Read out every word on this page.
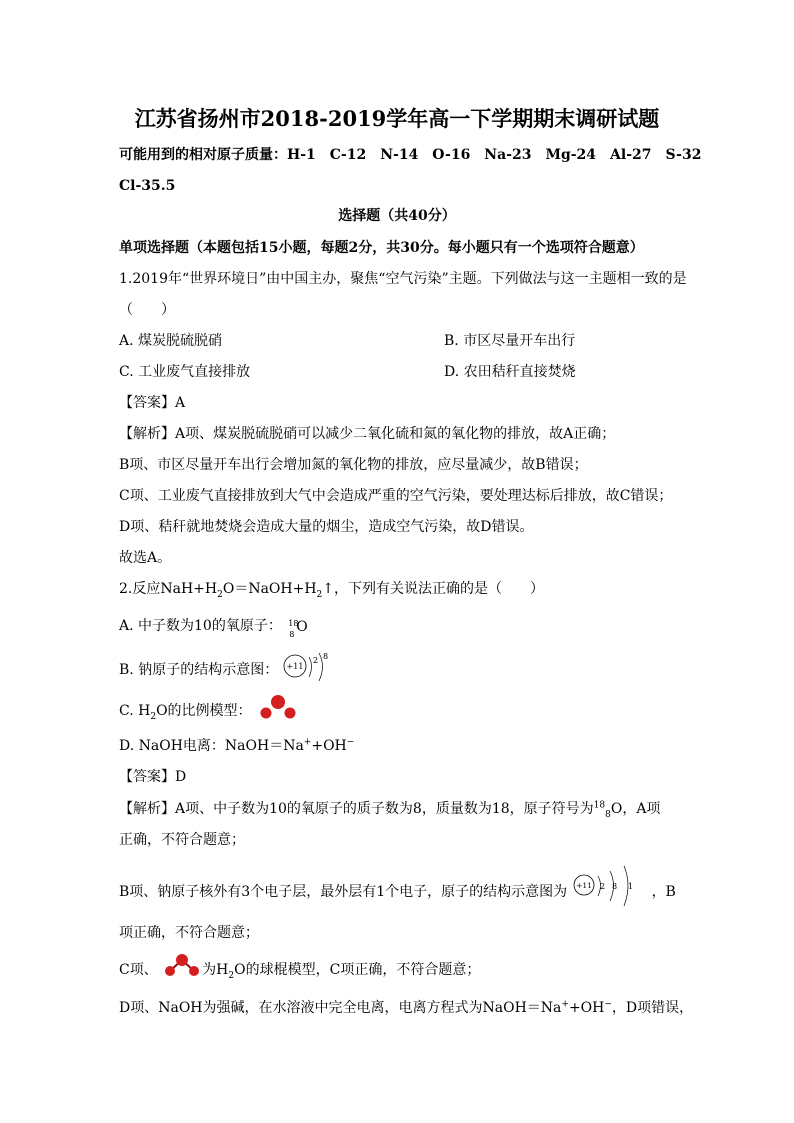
江苏省扬州市2018-2019学年高一下学期期末调研试题
可能用到的相对原子质量：H-1　C-12　N-14　O-16　Na-23　Mg-24　Al-27　S-32
Cl-35.5
选择题（共40分）
单项选择题（本题包括15小题，每题2分，共30分。每小题只有一个选项符合题意）
1.2019年“世界环境日”由中国主办，聚焦“空气污染”主题。下列做法与这一主题相一致的是
（　　）
A. 煤炭脱硫脱硝	B. 市区尽量开车出行
C. 工业废气直接排放	D. 农田秸秆直接焚烧
【答案】A
【解析】A项、煤炭脱硫脱硝可以减少二氧化硫和氮的氧化物的排放，故A正确；
B项、市区尽量开车出行会增加氮的氧化物的排放，应尽量减少，故B错误；
C项、工业废气直接排放到大气中会造成严重的空气污染，要处理达标后排放，故C错误；
D项、秸秆就地焚烧会造成大量的烟尘，造成空气污染，故D错误。
故选A。
2.反应$NaH+H_2O=NaOH+H_2↑$，下列有关说法正确的是（　　）
A. 中子数为10的氧原子： 18
8 O
B. 钠原子的结构示意图： +11
2 8
C. $H_2O$的比例模型：
D. NaOH电离：NaOH＝Na++OH−
【答案】D
【解析】A项、中子数为10的氧原子的质子数为8，质量数为18，原子符号为$^{18}_8$O，A项
正确，不符合题意；
B项、钠原子核外有3个电子层，最外层有1个电子，原子的结构示意图为 +11 2 8 1 ，B
项正确，不符合题意；
C项、	为$H_2O$的球棍模型，C项正确，不符合题意；
D项、NaOH为强碱，在水溶液中完全电离，电离方程式为NaOH＝Na++OH−，D项错误，
